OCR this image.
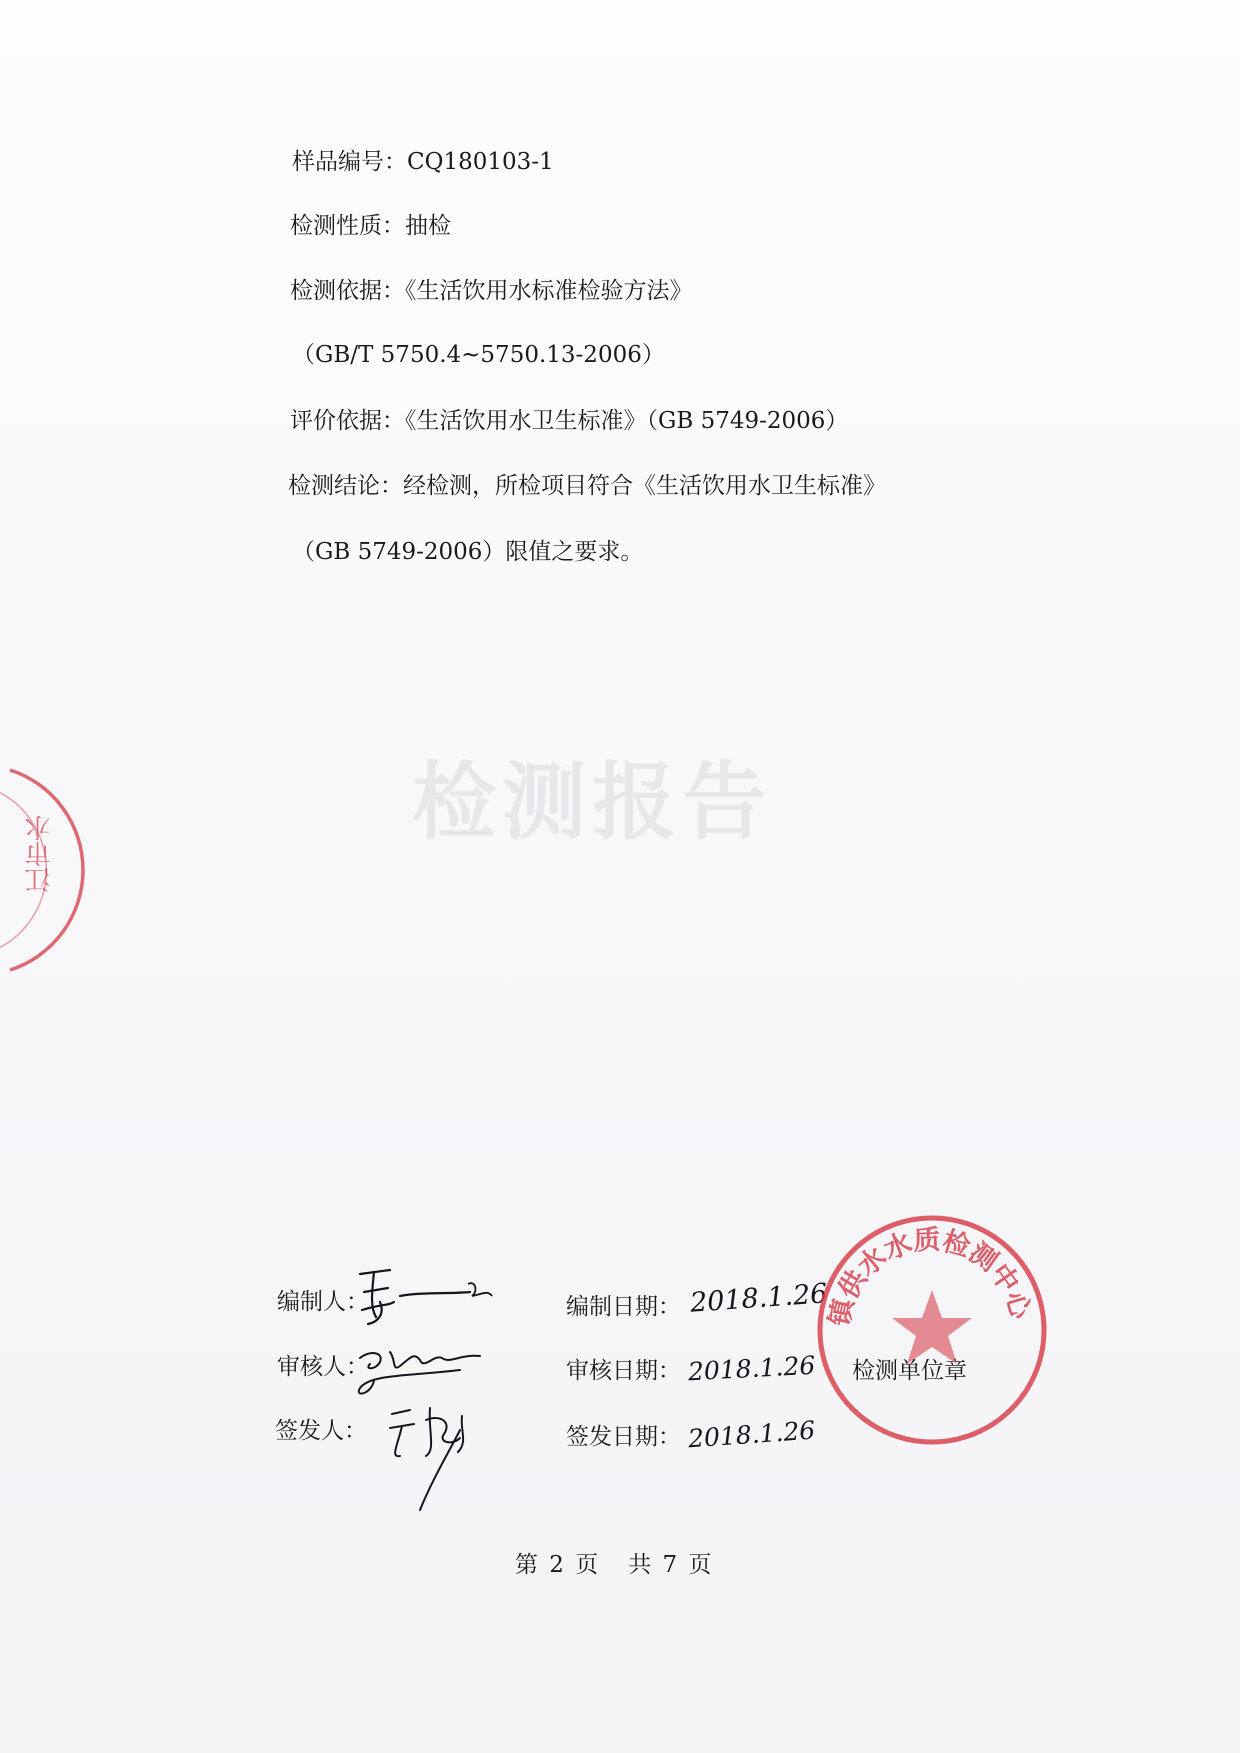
检测报告
样品编号：CQ180103-1
检测性质：抽检
检测依据：《生活饮用水标准检验方法》
（GB/T 5750.4~5750.13-2006）
评价依据：《生活饮用水卫生标准》（GB 5749-2006）
检测结论：经检测，所检项目符合《生活饮用水卫生标准》
（GB 5749-2006）限值之要求。
江市水
编制人：
审核人：
签发人：
编制日期：
审核日期：
签发日期：
2018.1.26
2018.1.26
2018.1.26
检测单位章
镇供水水质检测中心
第 2 页   共 7 页
